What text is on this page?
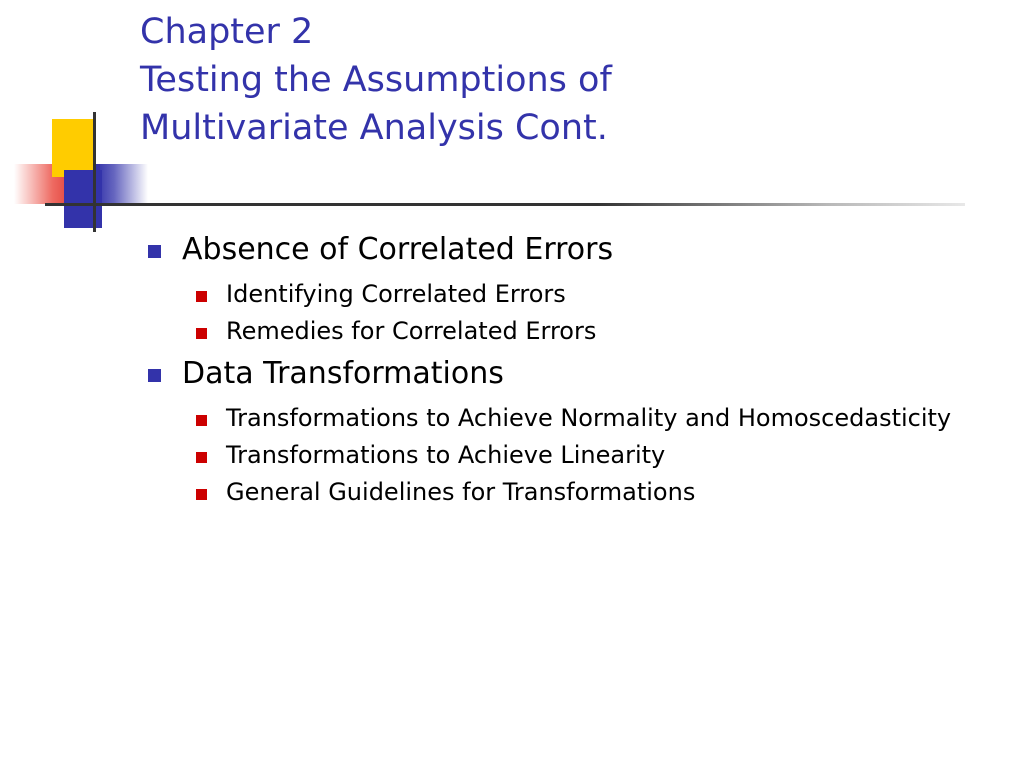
Chapter 2
Testing the Assumptions of
Multivariate Analysis Cont.
Absence of Correlated Errors
Identifying Correlated Errors
Remedies for Correlated Errors
Data Transformations
Transformations to Achieve Normality and Homoscedasticity
Transformations to Achieve Linearity
General Guidelines for Transformations
